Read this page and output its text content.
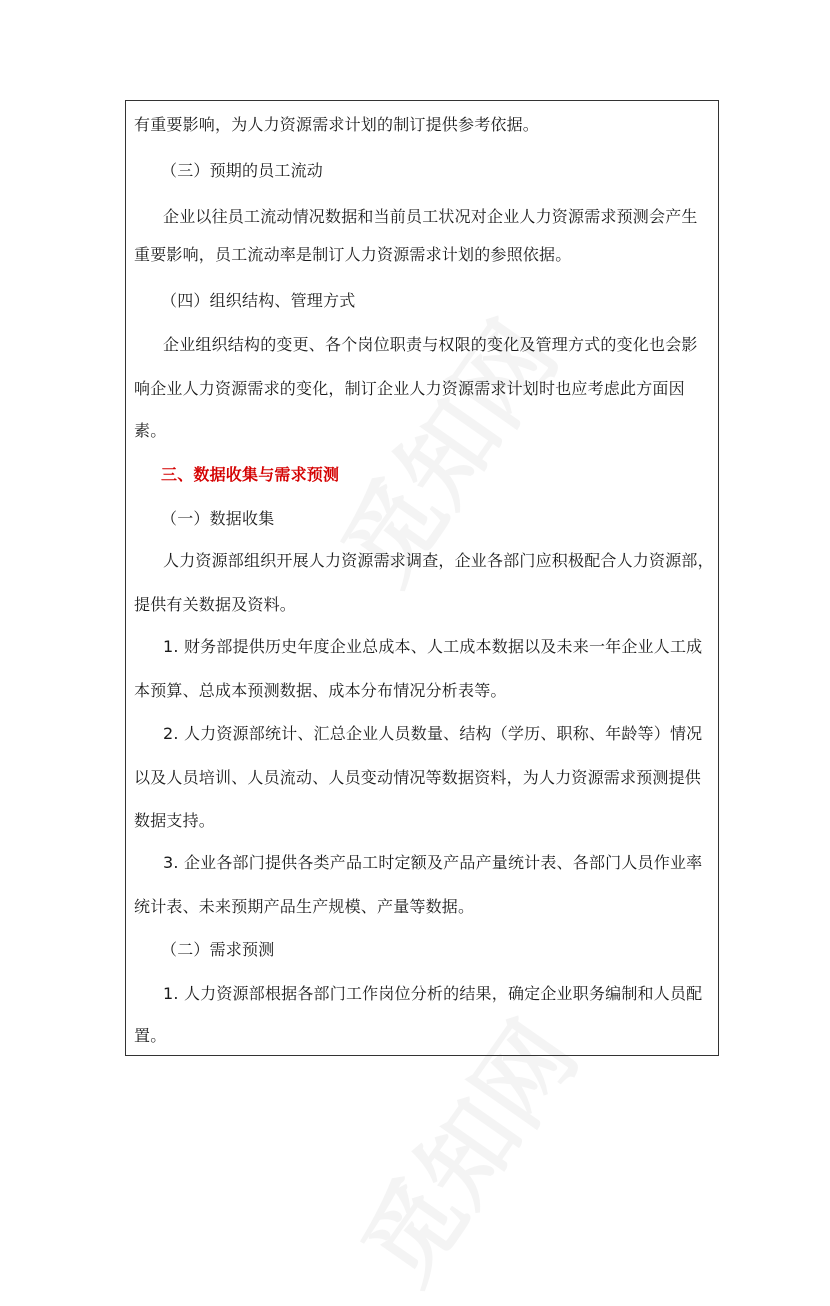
有重要影响，为人力资源需求计划的制订提供参考依据。
（三）预期的员工流动
企业以往员工流动情况数据和当前员工状况对企业人力资源需求预测会产生
重要影响，员工流动率是制订人力资源需求计划的参照依据。
（四）组织结构、管理方式
企业组织结构的变更、各个岗位职责与权限的变化及管理方式的变化也会影
响企业人力资源需求的变化，制订企业人力资源需求计划时也应考虑此方面因
素。
三、数据收集与需求预测
（一）数据收集
人力资源部组织开展人力资源需求调查，企业各部门应积极配合人力资源部，
提供有关数据及资料。
1. 财务部提供历史年度企业总成本、人工成本数据以及未来一年企业人工成
本预算、总成本预测数据、成本分布情况分析表等。
2. 人力资源部统计、汇总企业人员数量、结构（学历、职称、年龄等）情况
以及人员培训、人员流动、人员变动情况等数据资料，为人力资源需求预测提供
数据支持。
3. 企业各部门提供各类产品工时定额及产品产量统计表、各部门人员作业率
统计表、未来预期产品生产规模、产量等数据。
（二）需求预测
1. 人力资源部根据各部门工作岗位分析的结果，确定企业职务编制和人员配
置。
